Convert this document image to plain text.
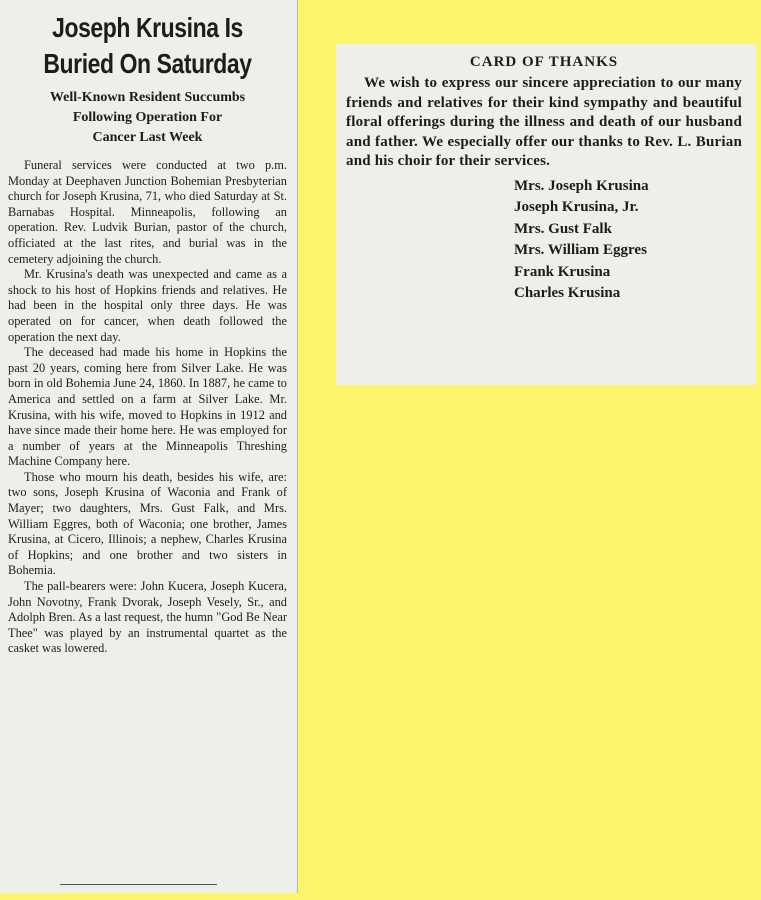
Joseph Krusina Is
Buried On Saturday
Well-Known Resident Succumbs
Following Operation For
Cancer Last Week

Funeral services were conducted at two p.m. Monday at Deephaven Junction Bohemian Presbyterian church for Joseph Krusina, 71, who died Saturday at St. Barnabas Hospital. Minneapolis, following an operation. Rev. Ludvik Burian, pastor of the church, officiated at the last rites, and burial was in the cemetery adjoining the church.

Mr. Krusina's death was unexpected and came as a shock to his host of Hopkins friends and relatives. He had been in the hospital only three days. He was operated on for cancer, when death followed the operation the next day.

The deceased had made his home in Hopkins the past 20 years, coming here from Silver Lake. He was born in old Bohemia June 24, 1860. In 1887, he came to America and settled on a farm at Silver Lake. Mr. Krusina, with his wife, moved to Hopkins in 1912 and have since made their home here. He was employed for a number of years at the Minneapolis Threshing Machine Company here.

Those who mourn his death, besides his wife, are: two sons, Joseph Krusina of Waconia and Frank of Mayer; two daughters, Mrs. Gust Falk, and Mrs. William Eggres, both of Waconia; one brother, James Krusina, at Cicero, Illinois; a nephew, Charles Krusina of Hopkins; and one brother and two sisters in Bohemia.

The pall-bearers were: John Kucera, Joseph Kucera, John Novotny, Frank Dvorak, Joseph Vesely, Sr., and Adolph Bren. As a last request, the humn "God Be Near Thee" was played by an instrumental quartet as the casket was lowered.

CARD OF THANKS

We wish to express our sincere appreciation to our many friends and relatives for their kind sympathy and beautiful floral offerings during the illness and death of our husband and father. We especially offer our thanks to Rev. L. Burian and his choir for their services.

Mrs. Joseph Krusina
Joseph Krusina, Jr.
Mrs. Gust Falk
Mrs. William Eggres
Frank Krusina
Charles Krusina
